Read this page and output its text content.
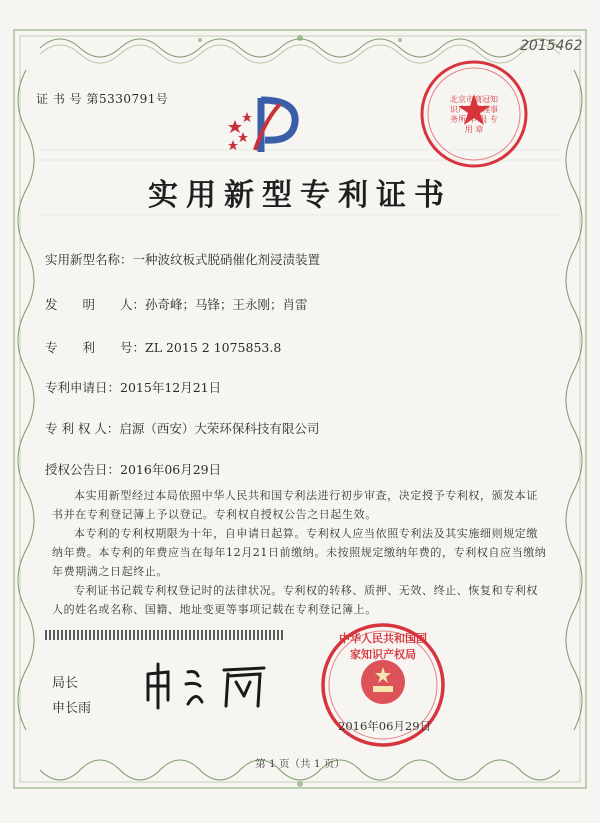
2015462
证 书 号 第5330791号	北京市商冠知识产权代理事务所 申 报 专 用 章
实用新型专利证书
实用新型名称：一种波纹板式脱硝催化剂浸渍装置
发　　明　　人：孙奇峰；马锋；王永刚；肖雷
专　　利　　号：ZL 2015 2 1075853.8
专利申请日：2015年12月21日
专 利 权 人：启源（西安）大荣环保科技有限公司
授权公告日：2016年06月29日
本实用新型经过本局依照中华人民共和国专利法进行初步审查，决定授予专利权，颁发本证书并在专利登记簿上予以登记。专利权自授权公告之日起生效。
本专利的专利权期限为十年，自申请日起算。专利权人应当依照专利法及其实施细则规定缴纳年费。本专利的年费应当在每年12月21日前缴纳。未按照规定缴纳年费的，专利权自应当缴纳年费期满之日起终止。
专利证书记载专利权登记时的法律状况。专利权的转移、质押、无效、终止、恢复和专利权人的姓名或名称、国籍、地址变更等事项记载在专利登记簿上。
中华人民共和国国家知识产权局
局长
申长雨
2016年06月29日
第 1 页（共 1 页）
